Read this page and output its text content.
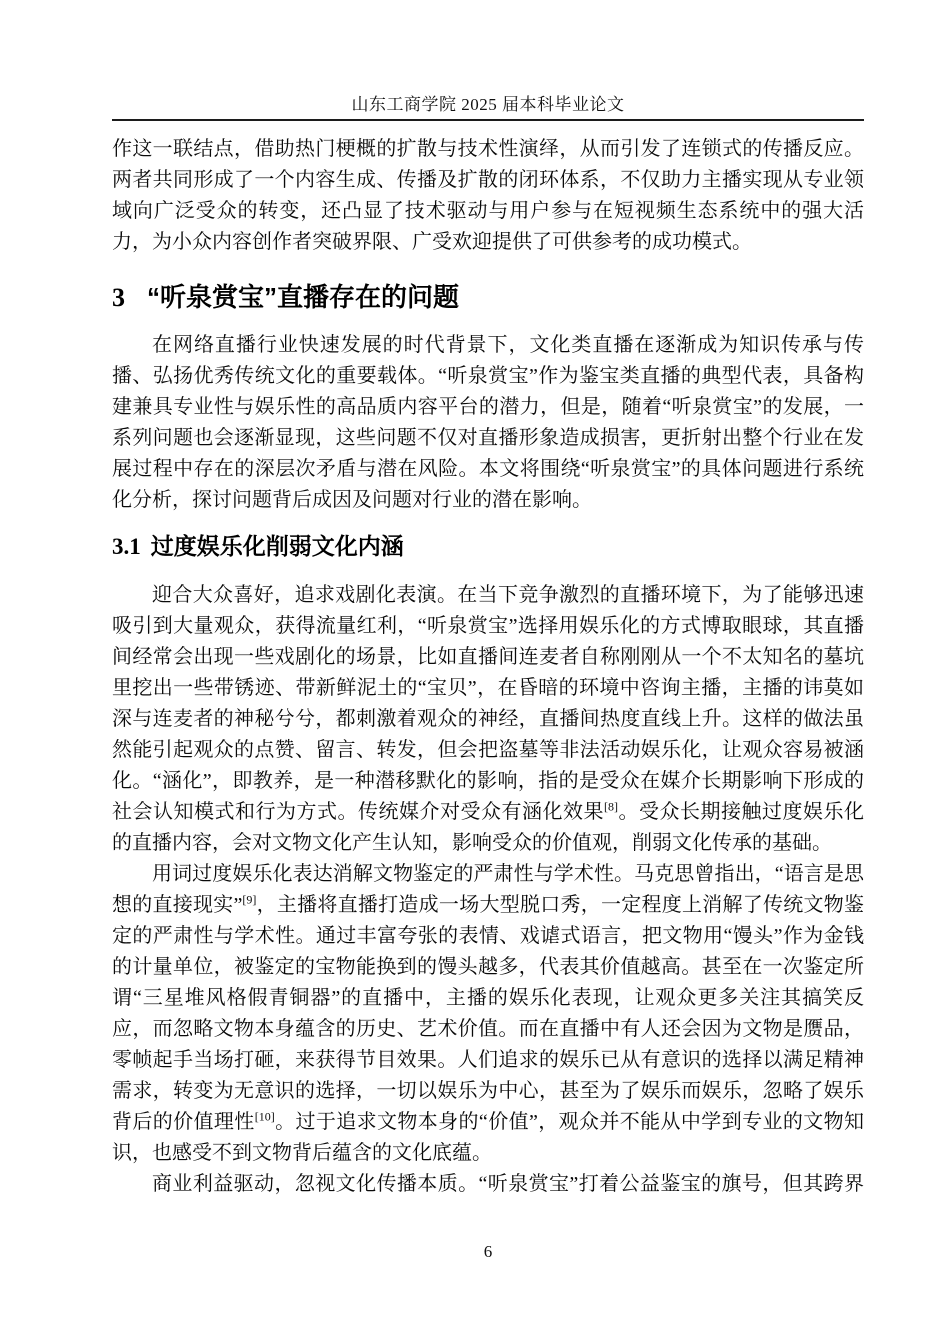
山东工商学院 2025 届本科毕业论文

作这一联结点，借助热门梗概的扩散与技术性演绎，从而引发了连锁式的传播反应。两者共同形成了一个内容生成、传播及扩散的闭环体系，不仅助力主播实现从专业领域向广泛受众的转变，还凸显了技术驱动与用户参与在短视频生态系统中的强大活力，为小众内容创作者突破界限、广受欢迎提供了可供参考的成功模式。

3 “听泉赏宝”直播存在的问题

在网络直播行业快速发展的时代背景下，文化类直播在逐渐成为知识传承与传播、弘扬优秀传统文化的重要载体。“听泉赏宝”作为鉴宝类直播的典型代表，具备构建兼具专业性与娱乐性的高品质内容平台的潜力，但是，随着“听泉赏宝”的发展，一系列问题也会逐渐显现，这些问题不仅对直播形象造成损害，更折射出整个行业在发展过程中存在的深层次矛盾与潜在风险。本文将围绕“听泉赏宝”的具体问题进行系统化分析，探讨问题背后成因及问题对行业的潜在影响。

3.1 过度娱乐化削弱文化内涵

迎合大众喜好，追求戏剧化表演。在当下竞争激烈的直播环境下，为了能够迅速吸引到大量观众，获得流量红利，“听泉赏宝”选择用娱乐化的方式博取眼球，其直播间经常会出现一些戏剧化的场景，比如直播间连麦者自称刚刚从一个不太知名的墓坑里挖出一些带锈迹、带新鲜泥土的“宝贝”，在昏暗的环境中咨询主播，主播的讳莫如深与连麦者的神秘兮兮，都刺激着观众的神经，直播间热度直线上升。这样的做法虽然能引起观众的点赞、留言、转发，但会把盗墓等非法活动娱乐化，让观众容易被涵化。“涵化”，即教养，是一种潜移默化的影响，指的是受众在媒介长期影响下形成的社会认知模式和行为方式。传统媒介对受众有涵化效果[8]。受众长期接触过度娱乐化的直播内容，会对文物文化产生认知，影响受众的价值观，削弱文化传承的基础。

用词过度娱乐化表达消解文物鉴定的严肃性与学术性。马克思曾指出，“语言是思想的直接现实”[9]，主播将直播打造成一场大型脱口秀，一定程度上消解了传统文物鉴定的严肃性与学术性。通过丰富夸张的表情、戏谑式语言，把文物用“馒头”作为金钱的计量单位，被鉴定的宝物能换到的馒头越多，代表其价值越高。甚至在一次鉴定所谓“三星堆风格假青铜器”的直播中，主播的娱乐化表现，让观众更多关注其搞笑反应，而忽略文物本身蕴含的历史、艺术价值。而在直播中有人还会因为文物是赝品，零帧起手当场打砸，来获得节目效果。人们追求的娱乐已从有意识的选择以满足精神需求，转变为无意识的选择，一切以娱乐为中心，甚至为了娱乐而娱乐，忽略了娱乐背后的价值理性[10]。过于追求文物本身的“价值”，观众并不能从中学到专业的文物知识，也感受不到文物背后蕴含的文化底蕴。

商业利益驱动，忽视文化传播本质。“听泉赏宝”打着公益鉴宝的旗号，但其跨界

6
